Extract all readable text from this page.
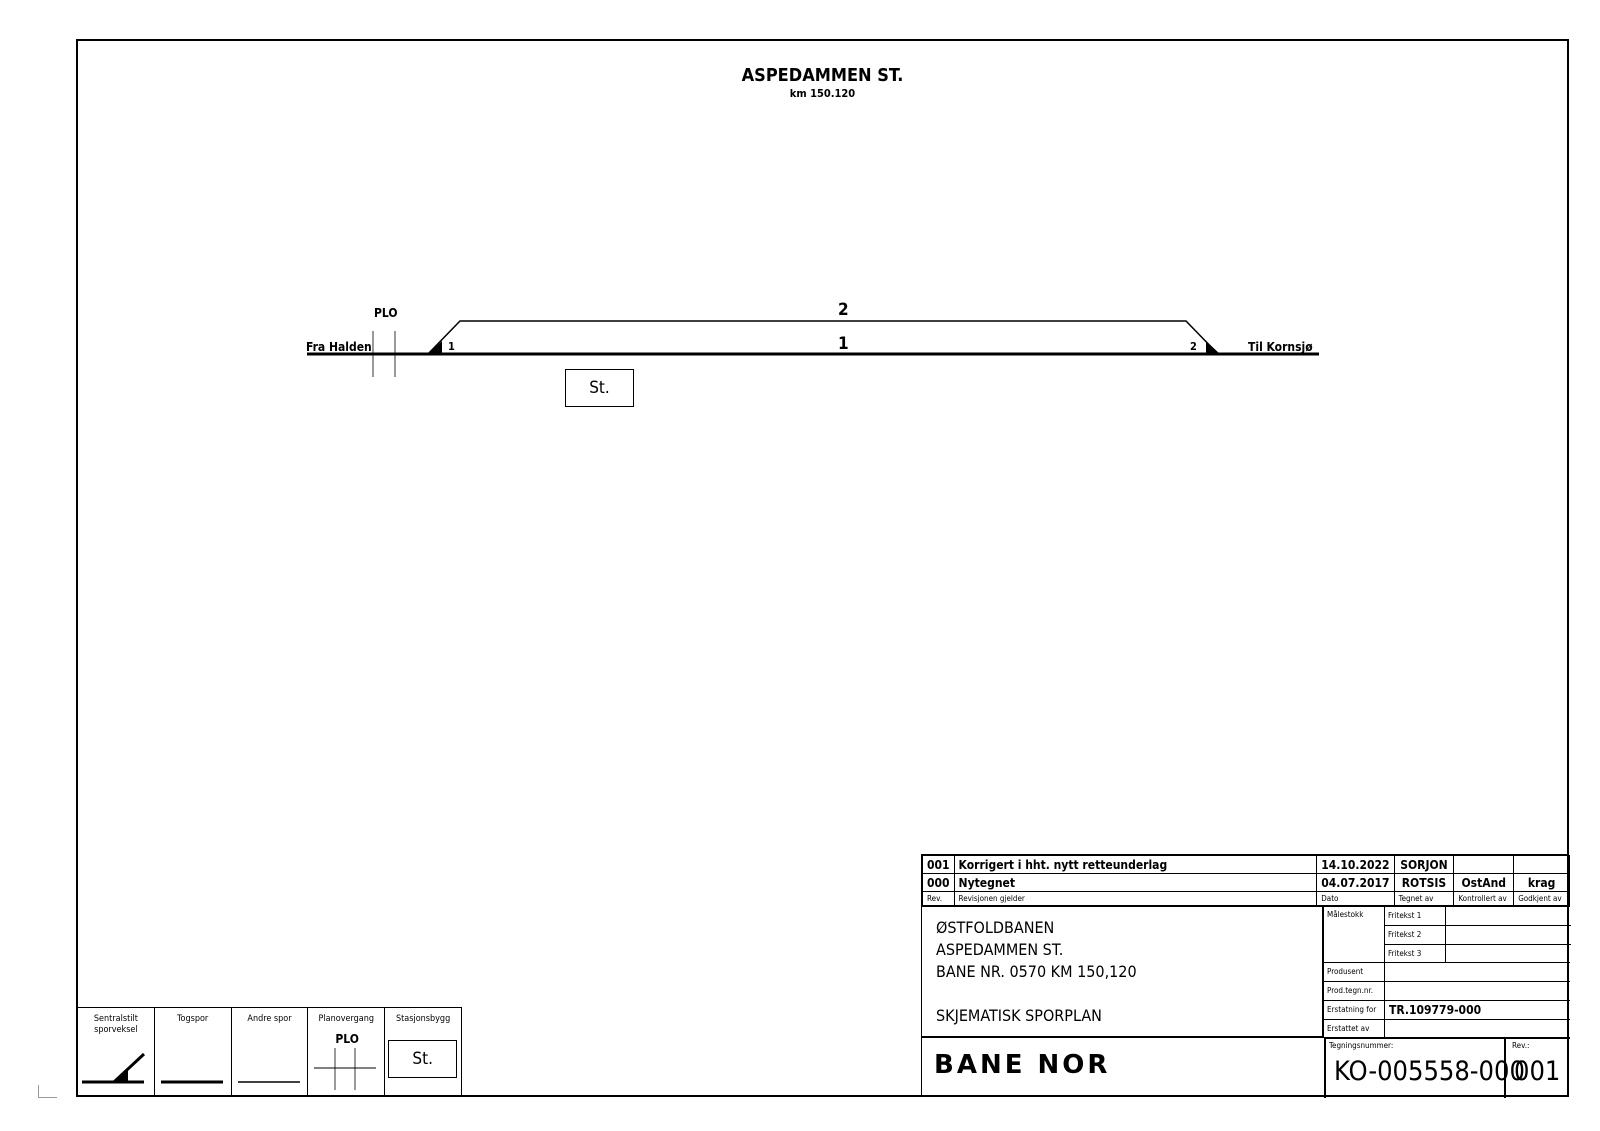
ASPEDAMMEN ST.
km 150.120
Fra Halden	Til Kornsjø
PLO	2
1
1	2
St.
Sentralstilt sporveksel
Togspor	Andre spor	Planovergang
PLO
Stasjonsbygg
St.
001	Korrigert i hht. nytt retteunderlag	14.10.2022	SORJON		
000	Nytegnet	04.07.2017	ROTSIS	OstAnd	krag
Rev.	Revisjonen gjelder	Dato	Tegnet av	Kontrollert av	Godkjent av
ØSTFOLDBANEN
ASPEDAMMEN ST.
BANE NR. 0570 KM 150,120
SKJEMATISK SPORPLAN
Målestokk	Fritekst 1
Fritekst 2
Fritekst 3
Produsent
Prod.tegn.nr.
Erstatning for TR.109779-000
Erstattet av
BANE NOR
Tegningsnummer:
KO-005558-000
Rev.:
001
